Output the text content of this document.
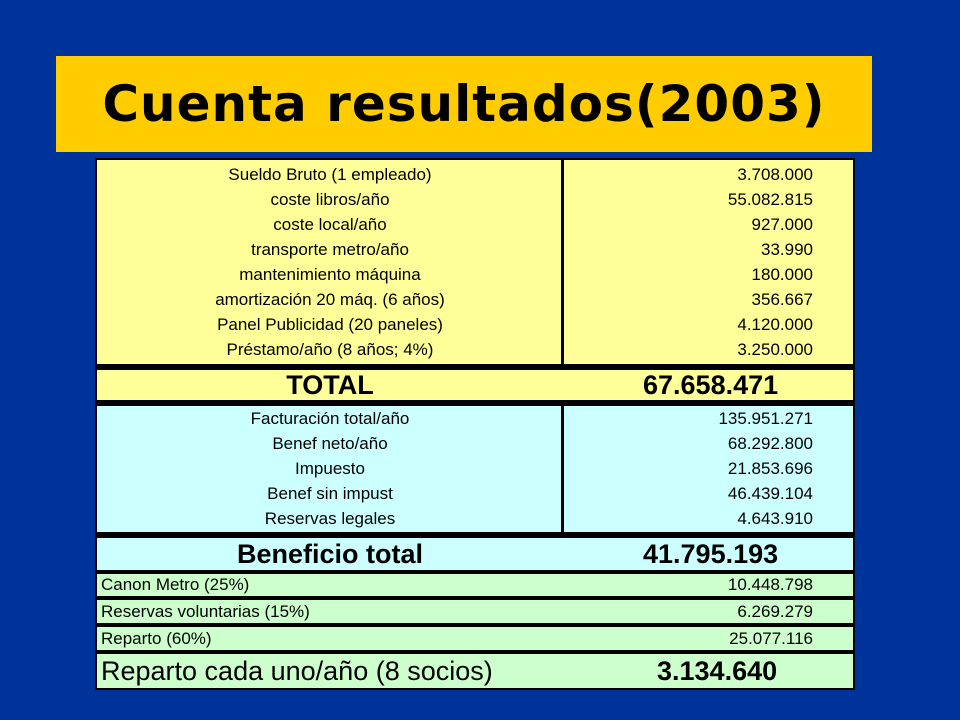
Cuenta resultados(2003)
Sueldo Bruto (1 empleado)	3.708.000
coste libros/año	55.082.815
coste local/año	927.000
transporte metro/año	33.990
mantenimiento máquina	180.000
amortización 20 máq. (6 años)	356.667
Panel Publicidad (20 paneles)	4.120.000
Préstamo/año (8 años; 4%)	3.250.000
TOTAL	67.658.471
Facturación total/año	135.951.271
Benef neto/año	68.292.800
Impuesto	21.853.696
Benef sin impust	46.439.104
Reservas legales	4.643.910
Beneficio total	41.795.193
Canon Metro (25%)	10.448.798
Reservas voluntarias (15%)	6.269.279
Reparto (60%)	25.077.116
Reparto cada uno/año (8 socios)	3.134.640
